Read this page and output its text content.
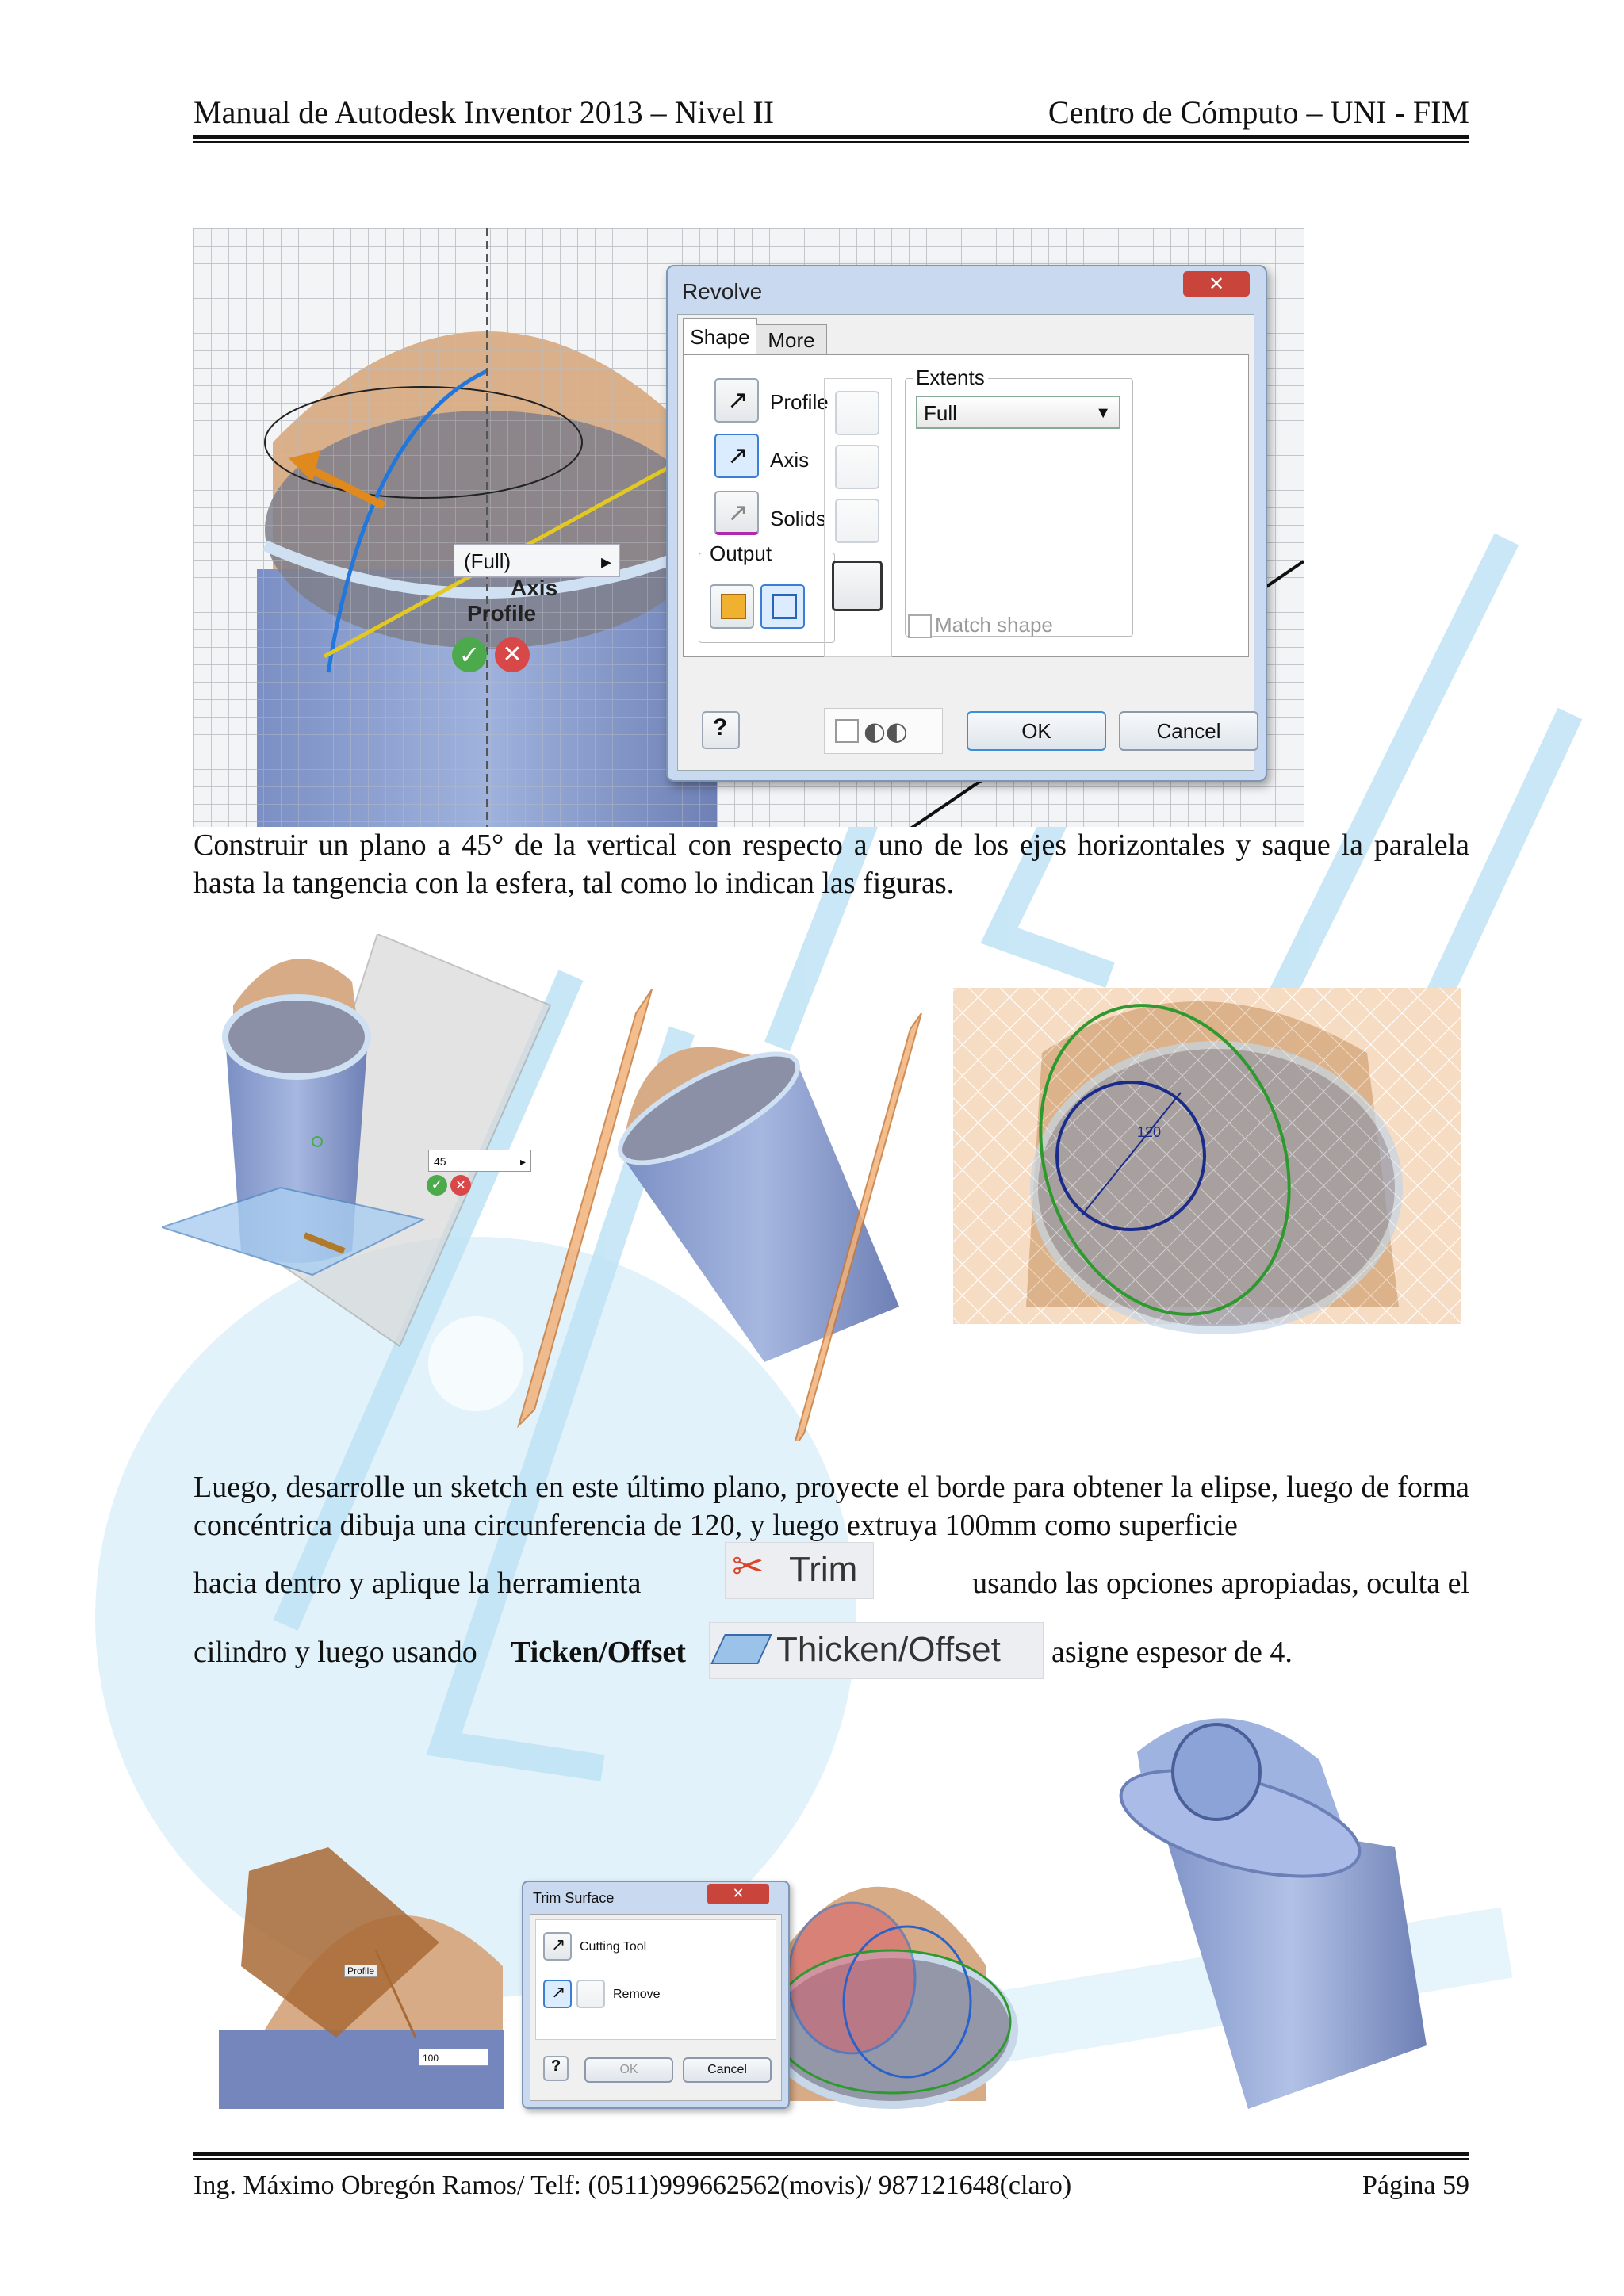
Manual de Autodesk Inventor 2013 – Nivel II	Centro de Cómputo – UNI - FIM
(Full)	▸
Axis
Profile
✓ ✕
Revolve	✕
Shape More
↗ Profile
↗ Axis
↗ Solids
Output
Extents
Full	▼
Match shape
?	◐◐	OK	Cancel
Construir un plano a 45° de la vertical con respecto a uno de los ejes horizontales y saque la paralela hasta la tangencia con la esfera, tal como lo indican las figuras.
45	▸
✓ ✕
120
Luego, desarrolle un sketch en este último plano, proyecte el borde para obtener la elipse, luego de forma concéntrica dibuja una circunferencia de 120, y luego extruya 100mm como superficie
hacia dentro y aplique la herramienta ✂ Trim	usando las opciones apropiadas, oculta el
cilindro y luego usando Ticken/Offset	Thicken/Offset asigne espesor de 4.
Profile
100
Trim Surface	✕
↗ Cutting Tool
↗	Remove
?	OK	Cancel
Ing. Máximo Obregón Ramos/ Telf: (0511)999662562(movis)/ 987121648(claro)	Página 59
